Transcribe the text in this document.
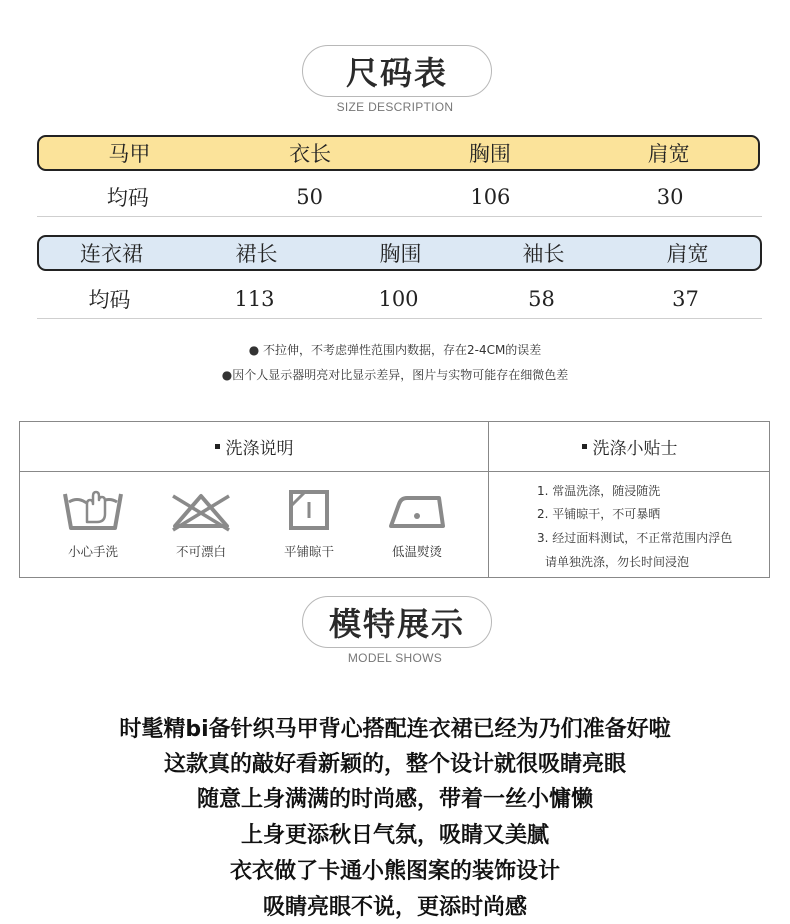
尺码表
SIZE DESCRIPTION
马甲	衣长	胸围	肩宽
均码	50	106	30
连衣裙	裙长	胸围	袖长	肩宽
均码	113	100	58	37
● 不拉伸，不考虑弹性范围内数据，存在2-4CM的误差
●因个人显示器明亮对比显示差异，图片与实物可能存在细微色差
洗涤说明	洗涤小贴士
小心手洗	不可漂白	平铺晾干	低温熨烫
1. 常温洗涤，随浸随洗
2. 平铺晾干，不可暴晒
3. 经过面料测试，不正常范围内浮色
请单独洗涤，勿长时间浸泡
模特展示
MODEL SHOWS
时髦精bi备针织马甲背心搭配连衣裙已经为乃们准备好啦
这款真的敲好看新颖的，整个设计就很吸睛亮眼
随意上身满满的时尚感，带着一丝小慵懒
上身更添秋日气氛，吸睛又美腻
衣衣做了卡通小熊图案的装饰设计
吸睛亮眼不说，更添时尚感
